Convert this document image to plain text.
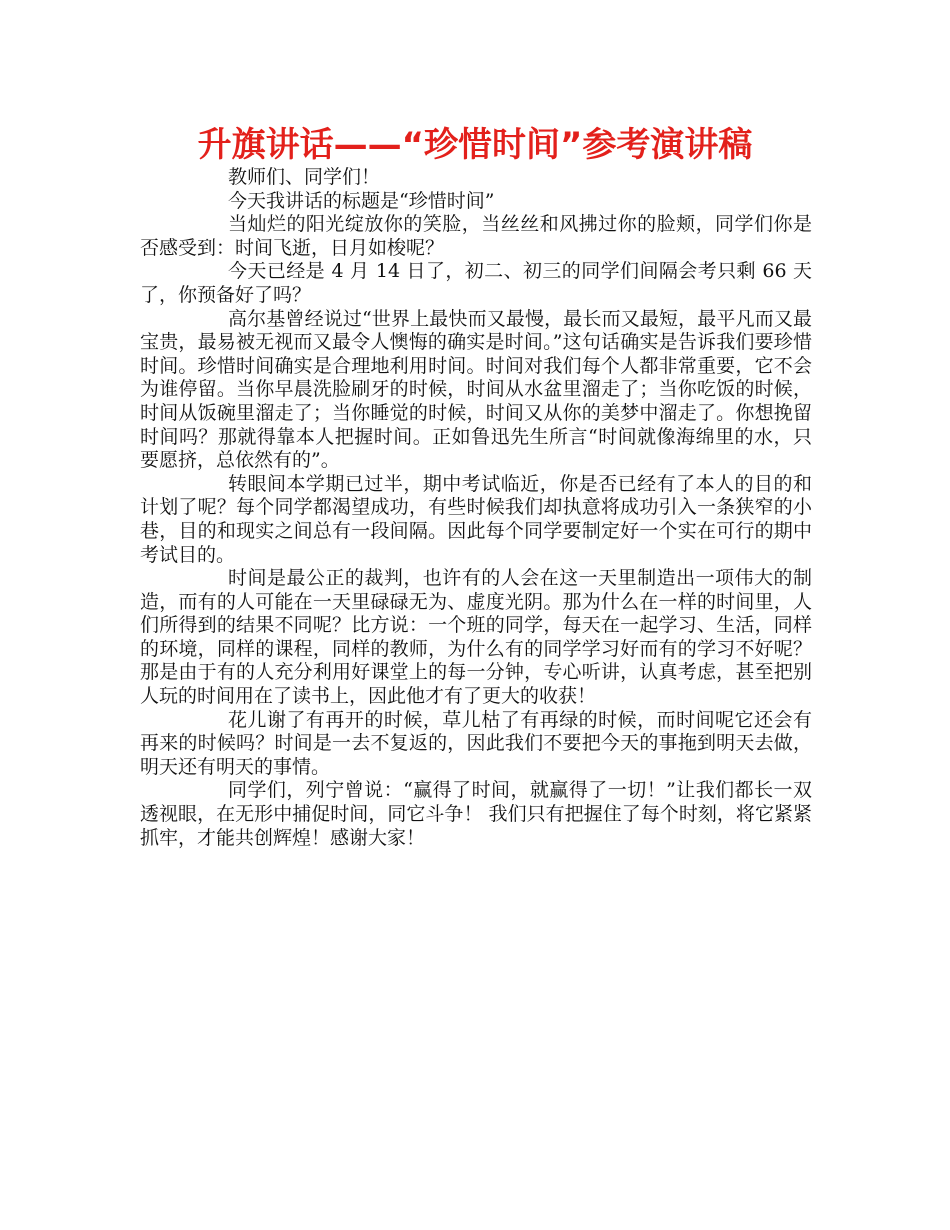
升旗讲话——“珍惜时间”参考演讲稿

教师们、同学们！

今天我讲话的标题是“珍惜时间”

当灿烂的阳光绽放你的笑脸，当丝丝和风拂过你的脸颊，同学们你是否感受到：时间飞逝，日月如梭呢？

今天已经是 4 月 14 日了，初二、初三的同学们间隔会考只剩 66 天了，你预备好了吗？

高尔基曾经说过“世界上最快而又最慢，最长而又最短，最平凡而又最宝贵，最易被无视而又最令人懊悔的确实是时间。”这句话确实是告诉我们要珍惜时间。珍惜时间确实是合理地利用时间。时间对我们每个人都非常重要，它不会为谁停留。当你早晨洗脸刷牙的时候，时间从水盆里溜走了；当你吃饭的时候，时间从饭碗里溜走了；当你睡觉的时候，时间又从你的美梦中溜走了。你想挽留时间吗？那就得靠本人把握时间。正如鲁迅先生所言“时间就像海绵里的水，只要愿挤，总依然有的”。

转眼间本学期已过半，期中考试临近，你是否已经有了本人的目的和计划了呢？每个同学都渴望成功，有些时候我们却执意将成功引入一条狭窄的小巷，目的和现实之间总有一段间隔。因此每个同学要制定好一个实在可行的期中考试目的。

时间是最公正的裁判，也许有的人会在这一天里制造出一项伟大的制造，而有的人可能在一天里碌碌无为、虚度光阴。那为什么在一样的时间里，人们所得到的结果不同呢？比方说：一个班的同学，每天在一起学习、生活，同样的环境，同样的课程，同样的教师，为什么有的同学学习好而有的学习不好呢？那是由于有的人充分利用好课堂上的每一分钟，专心听讲，认真考虑，甚至把别人玩的时间用在了读书上，因此他才有了更大的收获！

花儿谢了有再开的时候，草儿枯了有再绿的时候，而时间呢它还会有再来的时候吗？时间是一去不复返的，因此我们不要把今天的事拖到明天去做，明天还有明天的事情。

同学们，列宁曾说：“赢得了时间，就赢得了一切！”让我们都长一双透视眼，在无形中捕促时间，同它斗争！ 我们只有把握住了每个时刻，将它紧紧抓牢，才能共创辉煌！感谢大家！
